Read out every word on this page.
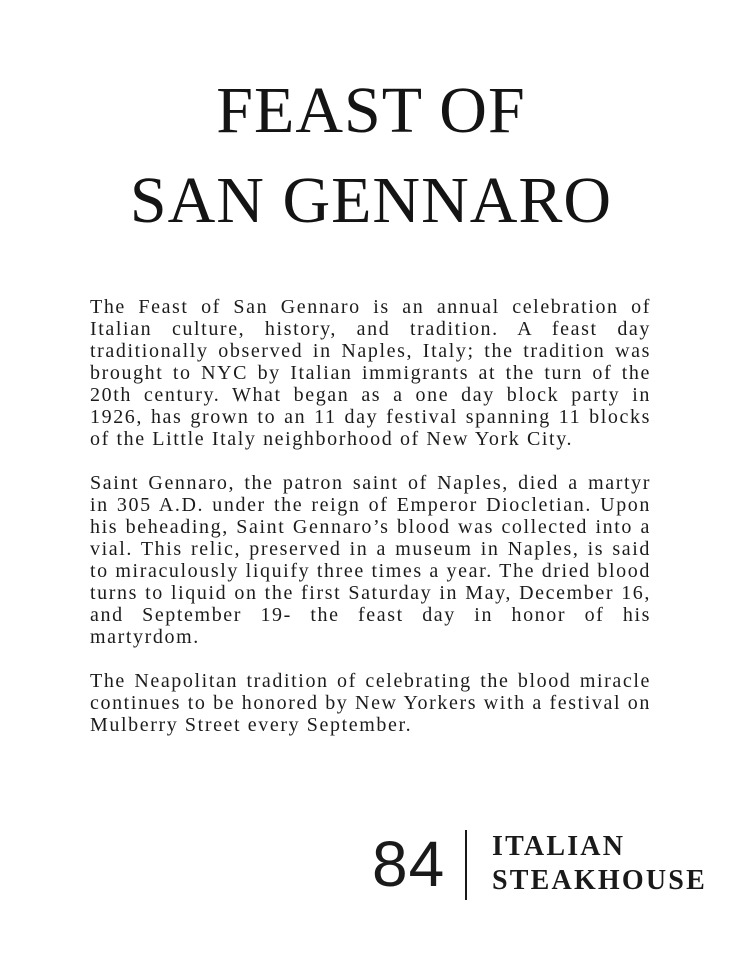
FEAST OF
SAN GENNARO

The Feast of San Gennaro is an annual celebration of Italian culture, history, and tradition. A feast day traditionally observed in Naples, Italy; the tradition was brought to NYC by Italian immigrants at the turn of the 20th century. What began as a one day block party in 1926, has grown to an 11 day festival spanning 11 blocks of the Little Italy neighborhood of New York City.

Saint Gennaro, the patron saint of Naples, died a martyr in 305 A.D. under the reign of Emperor Diocletian. Upon his beheading, Saint Gennaro’s blood was collected into a vial. This relic, preserved in a museum in Naples, is said to miraculously liquify three times a year. The dried blood turns to liquid on the first Saturday in May, December 16, and September 19- the feast day in honor of his martyrdom.

The Neapolitan tradition of celebrating the blood miracle continues to be honored by New Yorkers with a festival on Mulberry Street every September.

84 ITALIAN
STEAKHOUSE
